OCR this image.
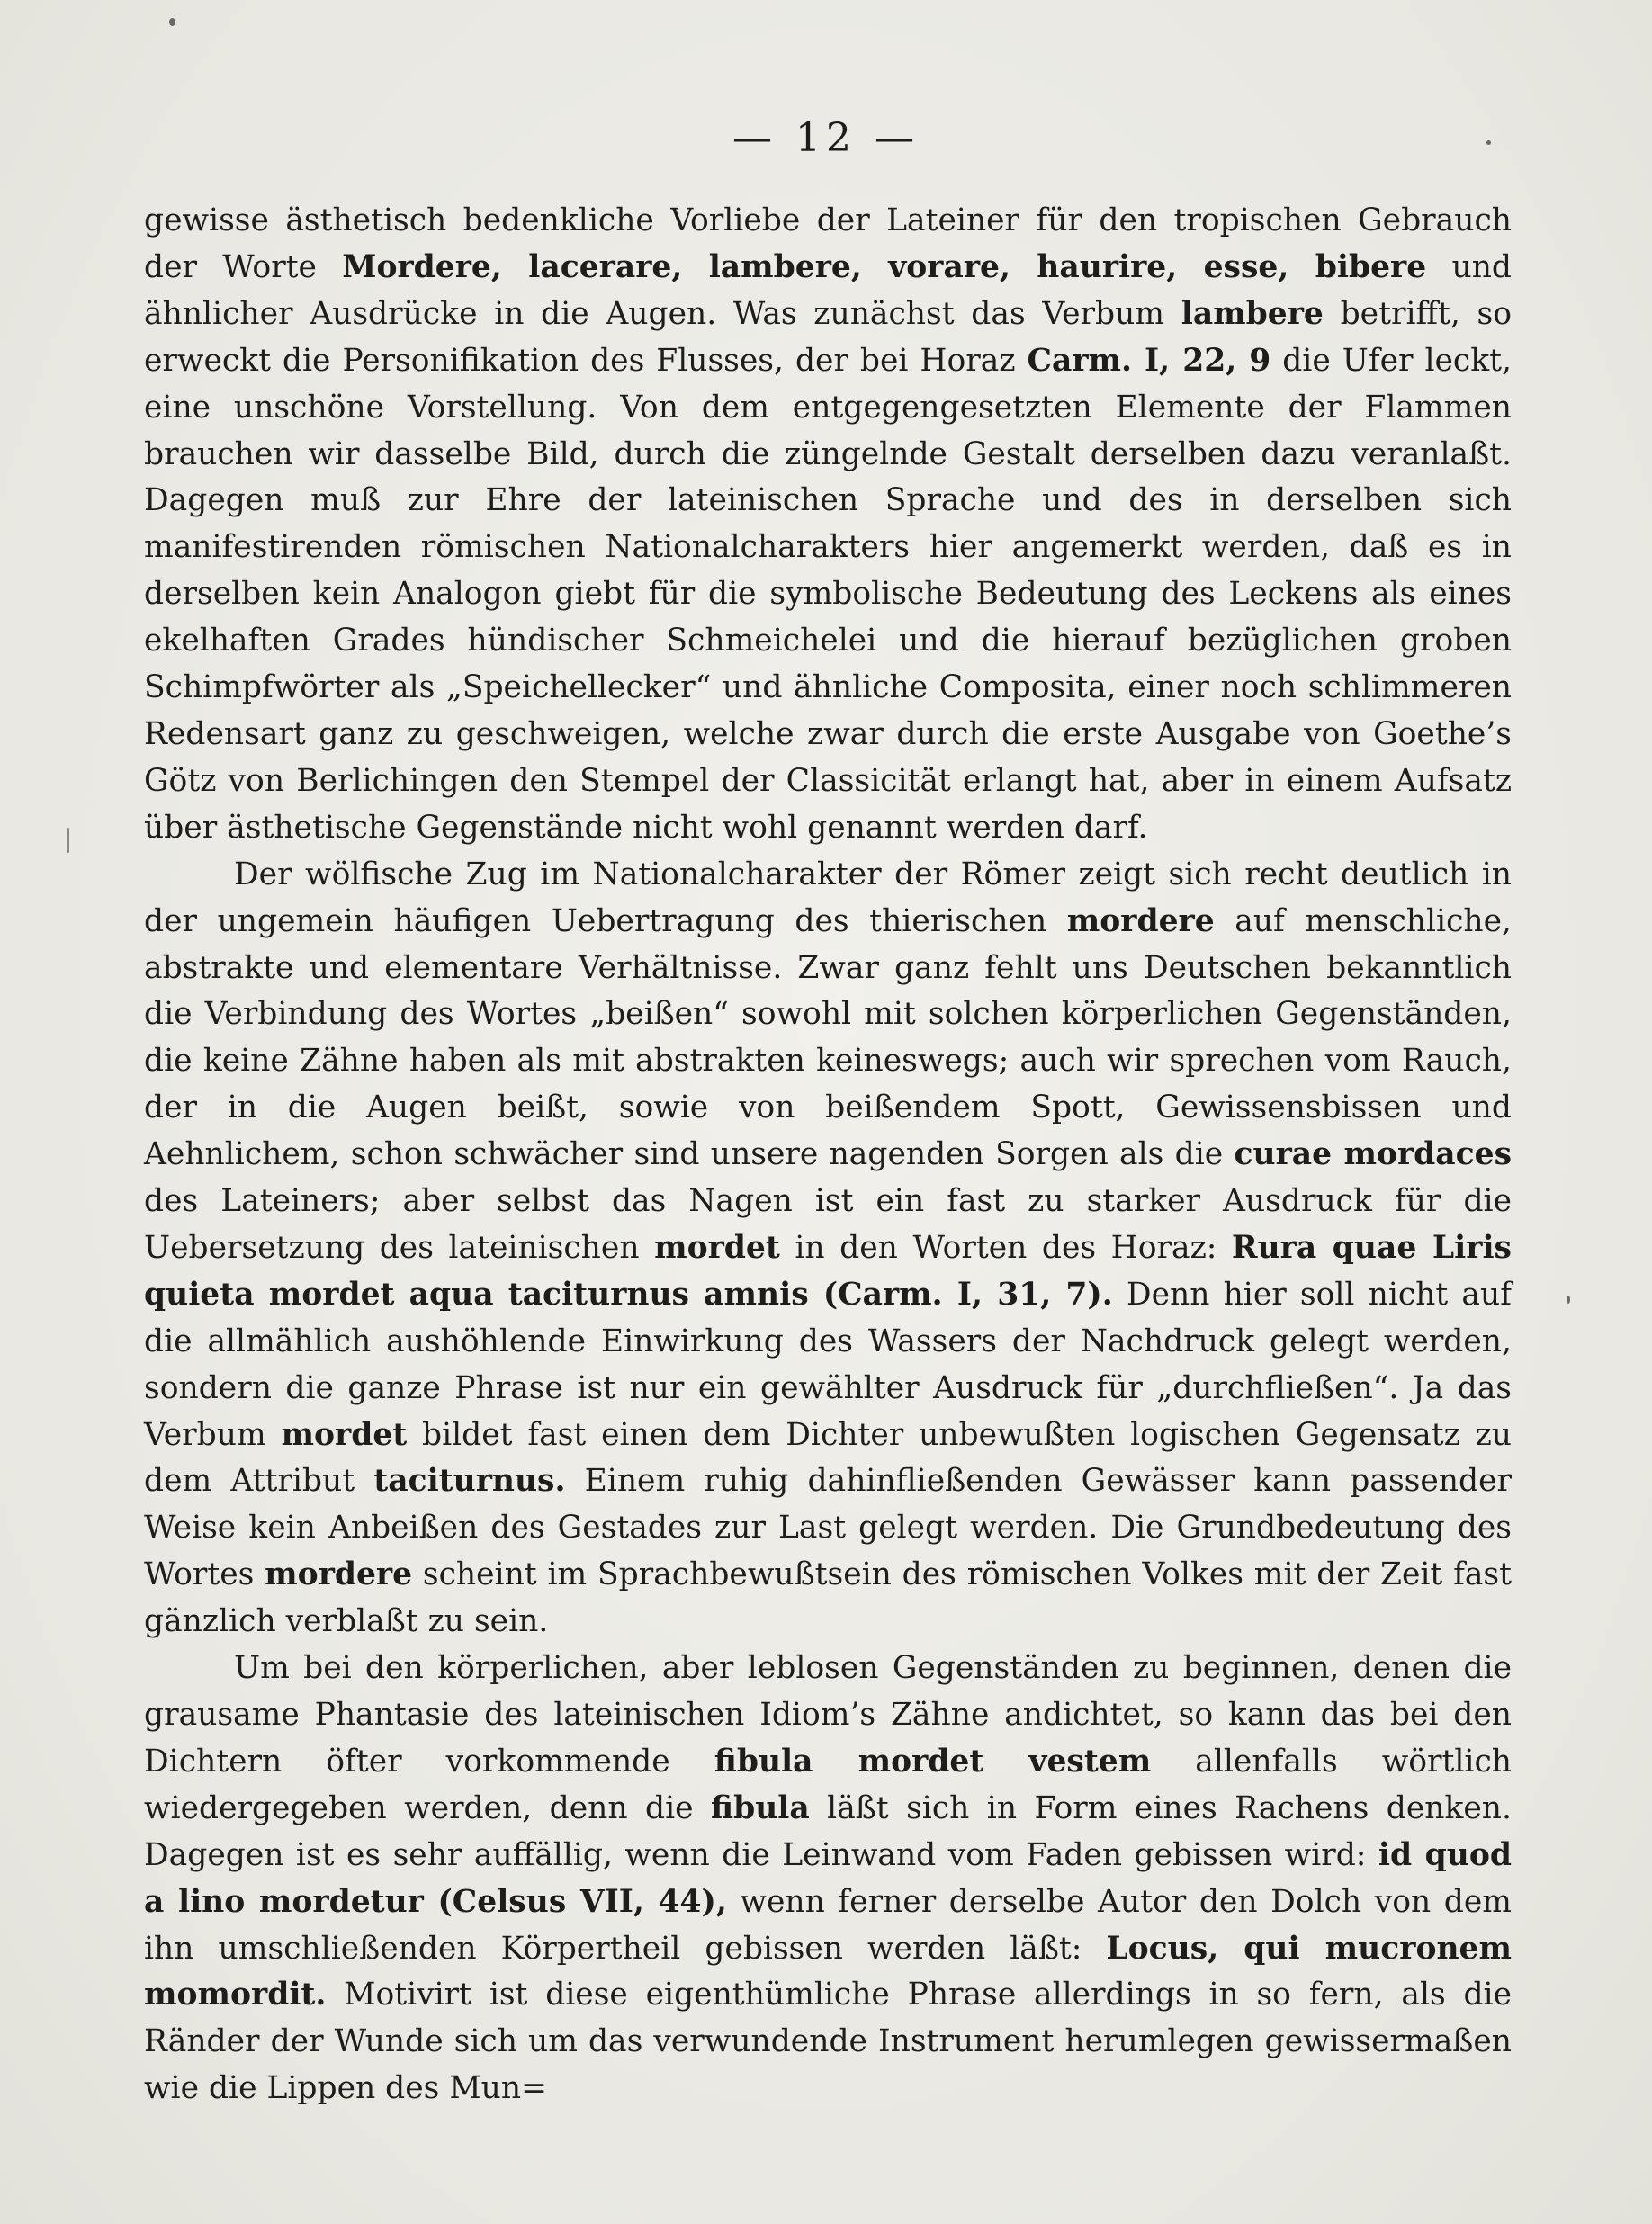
— 12 —

gewisse ästhetisch bedenkliche Vorliebe der Lateiner für den tropischen Gebrauch der Worte Mordere, lacerare, lambere, vorare, haurire, esse, bibere und ähnlicher Ausdrücke in die Augen. Was zunächst das Verbum lambere betrifft, so erweckt die Personifikation des Flusses, der bei Horaz Carm. I, 22, 9 die Ufer leckt, eine unschöne Vorstellung. Von dem entgegengesetzten Elemente der Flammen brauchen wir dasselbe Bild, durch die züngelnde Gestalt derselben dazu veranlaßt. Dagegen muß zur Ehre der lateinischen Sprache und des in derselben sich manifestirenden römischen Nationalcharakters hier angemerkt werden, daß es in derselben kein Analogon giebt für die symbolische Bedeutung des Leckens als eines ekelhaften Grades hündischer Schmeichelei und die hierauf bezüglichen groben Schimpfwörter als „Speichellecker“ und ähnliche Composita, einer noch schlimmeren Redensart ganz zu geschweigen, welche zwar durch die erste Ausgabe von Goethe’s Götz von Berlichingen den Stempel der Classicität erlangt hat, aber in einem Aufsatz über ästhetische Gegenstände nicht wohl genannt werden darf.

Der wölfische Zug im Nationalcharakter der Römer zeigt sich recht deutlich in der ungemein häufigen Uebertragung des thierischen mordere auf menschliche, abstrakte und elementare Verhältnisse. Zwar ganz fehlt uns Deutschen bekanntlich die Verbindung des Wortes „beißen“ sowohl mit solchen körperlichen Gegenständen, die keine Zähne haben als mit abstrakten keineswegs; auch wir sprechen vom Rauch, der in die Augen beißt, sowie von beißendem Spott, Gewissensbissen und Aehnlichem, schon schwächer sind unsere nagenden Sorgen als die curae mordaces des Lateiners; aber selbst das Nagen ist ein fast zu starker Ausdruck für die Uebersetzung des lateinischen mordet in den Worten des Horaz: Rura quae Liris quieta mordet aqua taciturnus amnis (Carm. I, 31, 7). Denn hier soll nicht auf die allmählich aushöhlende Einwirkung des Wassers der Nachdruck gelegt werden, sondern die ganze Phrase ist nur ein gewählter Ausdruck für „durchfließen“. Ja das Verbum mordet bildet fast einen dem Dichter unbewußten logischen Gegensatz zu dem Attribut taciturnus. Einem ruhig dahinfließenden Gewässer kann passender Weise kein Anbeißen des Gestades zur Last gelegt werden. Die Grundbedeutung des Wortes mordere scheint im Sprachbewußtsein des römischen Volkes mit der Zeit fast gänzlich verblaßt zu sein.

Um bei den körperlichen, aber leblosen Gegenständen zu beginnen, denen die grausame Phantasie des lateinischen Idiom’s Zähne andichtet, so kann das bei den Dichtern öfter vorkommende fibula mordet vestem allenfalls wörtlich wiedergegeben werden, denn die fibula läßt sich in Form eines Rachens denken. Dagegen ist es sehr auffällig, wenn die Leinwand vom Faden gebissen wird: id quod a lino mordetur (Celsus VII, 44), wenn ferner derselbe Autor den Dolch von dem ihn umschließenden Körpertheil gebissen werden läßt: Locus, qui mucronem momordit. Motivirt ist diese eigenthümliche Phrase allerdings in so fern, als die Ränder der Wunde sich um das verwundende Instrument herumlegen gewissermaßen wie die Lippen des Mun=
